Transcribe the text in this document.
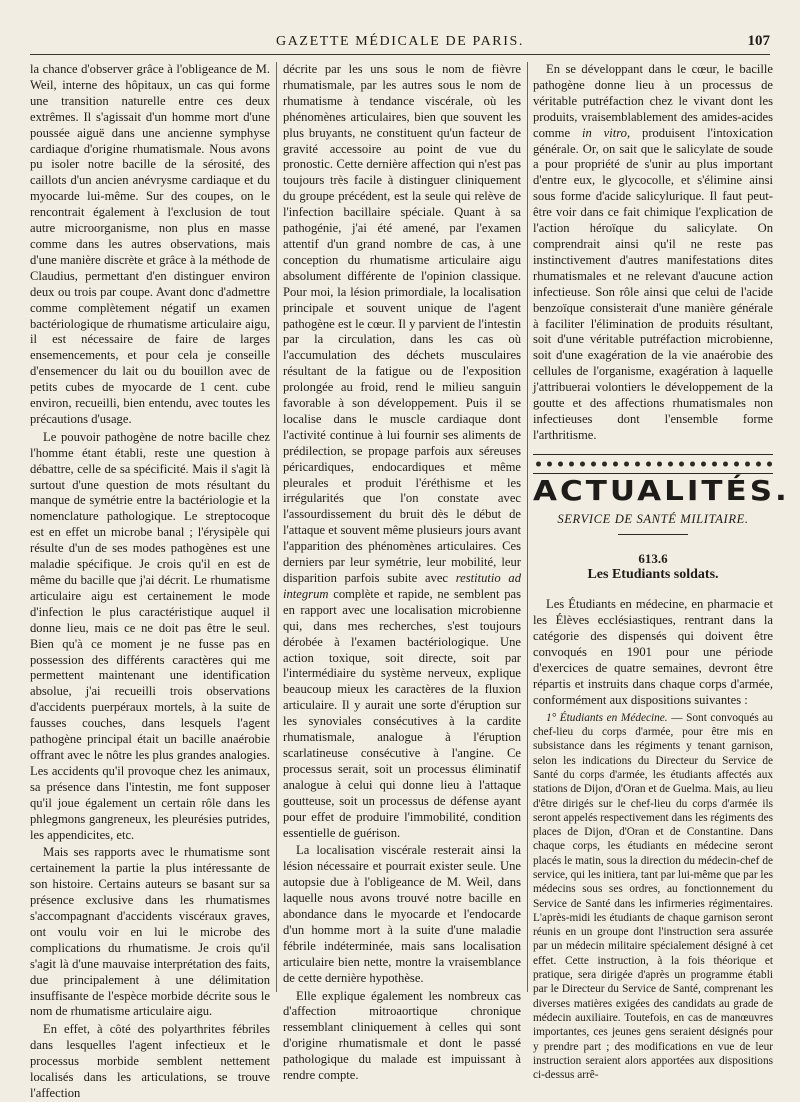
GAZETTE MÉDICALE DE PARIS.	107

la chance d'observer grâce à l'obligeance de M. Weil, interne des hôpitaux, un cas qui forme une transition naturelle entre ces deux extrêmes. Il s'agissait d'un homme mort d'une poussée aiguë dans une ancienne symphyse cardiaque d'origine rhumatismale. Nous avons pu isoler notre bacille de la sérosité, des caillots d'un ancien anévrysme cardiaque et du myocarde lui-même. Sur des coupes, on le rencontrait également à l'exclusion de tout autre microorganisme, non plus en masse comme dans les autres observations, mais d'une manière discrète et grâce à la méthode de Claudius, permettant d'en distinguer environ deux ou trois par coupe. Avant donc d'admettre comme complètement négatif un examen bactériologique de rhumatisme articulaire aigu, il est nécessaire de faire de larges ensemencements, et pour cela je conseille d'ensemencer du lait ou du bouillon avec de petits cubes de myocarde de 1 cent. cube environ, recueilli, bien entendu, avec toutes les précautions d'usage.

Le pouvoir pathogène de notre bacille chez l'homme étant établi, reste une question à débattre, celle de sa spécificité. Mais il s'agit là surtout d'une question de mots résultant du manque de symétrie entre la bactériologie et la nomenclature pathologique. Le streptocoque est en effet un microbe banal ; l'érysipèle qui résulte d'un de ses modes pathogènes est une maladie spécifique. Je crois qu'il en est de même du bacille que j'ai décrit. Le rhumatisme articulaire aigu est certainement le mode d'infection le plus caractéristique auquel il donne lieu, mais ce ne doit pas être le seul. Bien qu'à ce moment je ne fusse pas en possession des différents caractères qui me permettent maintenant une identification absolue, j'ai recueilli trois observations d'accidents puerpéraux mortels, à la suite de fausses couches, dans lesquels l'agent pathogène principal était un bacille anaérobie offrant avec le nôtre les plus grandes analogies. Les accidents qu'il provoque chez les animaux, sa présence dans l'intestin, me font supposer qu'il joue également un certain rôle dans les phlegmons gangreneux, les pleurésies putrides, les appendicites, etc.

Mais ses rapports avec le rhumatisme sont certainement la partie la plus intéressante de son histoire. Certains auteurs se basant sur sa présence exclusive dans les rhumatismes s'accompagnant d'accidents viscéraux graves, ont voulu voir en lui le microbe des complications du rhumatisme. Je crois qu'il s'agit là d'une mauvaise interprétation des faits, due principalement à une délimitation insuffisante de l'espèce morbide décrite sous le nom de rhumatisme articulaire aigu.

En effet, à côté des polyarthrites fébriles dans lesquelles l'agent infectieux et le processus morbide semblent nettement localisés dans les articulations, se trouve l'affection

décrite par les uns sous le nom de fièvre rhumatismale, par les autres sous le nom de rhumatisme à tendance viscérale, où les phénomènes articulaires, bien que souvent les plus bruyants, ne constituent qu'un facteur de gravité accessoire au point de vue du pronostic. Cette dernière affection qui n'est pas toujours très facile à distinguer cliniquement du groupe précédent, est la seule qui relève de l'infection bacillaire spéciale. Quant à sa pathogénie, j'ai été amené, par l'examen attentif d'un grand nombre de cas, à une conception du rhumatisme articulaire aigu absolument différente de l'opinion classique. Pour moi, la lésion primordiale, la localisation principale et souvent unique de l'agent pathogène est le cœur. Il y parvient de l'intestin par la circulation, dans les cas où l'accumulation des déchets musculaires résultant de la fatigue ou de l'exposition prolongée au froid, rend le milieu sanguin favorable à son développement. Puis il se localise dans le muscle cardiaque dont l'activité continue à lui fournir ses aliments de prédilection, se propage parfois aux séreuses péricardiques, endocardiques et même pleurales et produit l'éréthisme et les irrégularités que l'on constate avec l'assourdissement du bruit dès le début de l'attaque et souvent même plusieurs jours avant l'apparition des phénomènes articulaires. Ces derniers par leur symétrie, leur mobilité, leur disparition parfois subite avec restitutio ad integrum complète et rapide, ne semblent pas en rapport avec une localisation microbienne qui, dans mes recherches, s'est toujours dérobée à l'examen bactériologique. Une action toxique, soit directe, soit par l'intermédiaire du système nerveux, explique beaucoup mieux les caractères de la fluxion articulaire. Il y aurait une sorte d'éruption sur les synoviales consécutives à la cardite rhumatismale, analogue à l'éruption scarlatineuse consécutive à l'angine. Ce processus serait, soit un processus éliminatif analogue à celui qui donne lieu à l'attaque goutteuse, soit un processus de défense ayant pour effet de produire l'immobilité, condition essentielle de guérison.

La localisation viscérale resterait ainsi la lésion nécessaire et pourrait exister seule. Une autopsie due à l'obligeance de M. Weil, dans laquelle nous avons trouvé notre bacille en abondance dans le myocarde et l'endocarde d'un homme mort à la suite d'une maladie fébrile indéterminée, mais sans localisation articulaire bien nette, montre la vraisemblance de cette dernière hypothèse.

Elle explique également les nombreux cas d'affection mitroaortique chronique ressemblant cliniquement à celles qui sont d'origine rhumatismale et dont le passé pathologique du malade est impuissant à rendre compte.

En se développant dans le cœur, le bacille pathogène donne lieu à un processus de véritable putréfaction chez le vivant dont les produits, vraisemblablement des amides-acides comme in vitro, produisent l'intoxication générale. Or, on sait que le salicylate de soude a pour propriété de s'unir au plus important d'entre eux, le glycocolle, et s'élimine ainsi sous forme d'acide salicylurique. Il faut peut-être voir dans ce fait chimique l'explication de l'action héroïque du salicylate. On comprendrait ainsi qu'il ne reste pas instinctivement d'autres manifestations dites rhumatismales et ne relevant d'aucune action infectieuse. Son rôle ainsi que celui de l'acide benzoïque consisterait d'une manière générale à faciliter l'élimination de produits résultant, soit d'une véritable putréfaction microbienne, soit d'une exagération de la vie anaérobie des cellules de l'organisme, exagération à laquelle j'attribuerai volontiers le développement de la goutte et des affections rhumatismales non infectieuses dont l'ensemble forme l'arthritisme.

ACTUALITÉS.
SERVICE DE SANTÉ MILITAIRE.
613.6
Les Etudiants soldats.

Les Étudiants en médecine, en pharmacie et les Élèves ecclésiastiques, rentrant dans la catégorie des dispensés qui doivent être convoqués en 1901 pour une période d'exercices de quatre semaines, devront être répartis et instruits dans chaque corps d'armée, conformément aux dispositions suivantes :

1° Étudiants en Médecine. — Sont convoqués au chef-lieu du corps d'armée, pour être mis en subsistance dans les régiments y tenant garnison, selon les indications du Directeur du Service de Santé du corps d'armée, les étudiants affectés aux stations de Dijon, d'Oran et de Guelma. Mais, au lieu d'être dirigés sur le chef-lieu du corps d'armée ils seront appelés respectivement dans les régiments des places de Dijon, d'Oran et de Constantine. Dans chaque corps, les étudiants en médecine seront placés le matin, sous la direction du médecin-chef de service, qui les initiera, tant par lui-même que par les médecins sous ses ordres, au fonctionnement du Service de Santé dans les infirmeries régimentaires. L'après-midi les étudiants de chaque garnison seront réunis en un groupe dont l'instruction sera assurée par un médecin militaire spécialement désigné à cet effet. Cette instruction, à la fois théorique et pratique, sera dirigée d'après un programme établi par le Directeur du Service de Santé, comprenant les diverses matières exigées des candidats au grade de médecin auxiliaire. Toutefois, en cas de manœuvres importantes, ces jeunes gens seraient désignés pour y prendre part ; des modifications en vue de leur instruction seraient alors apportées aux dispositions ci-dessus arrê-
